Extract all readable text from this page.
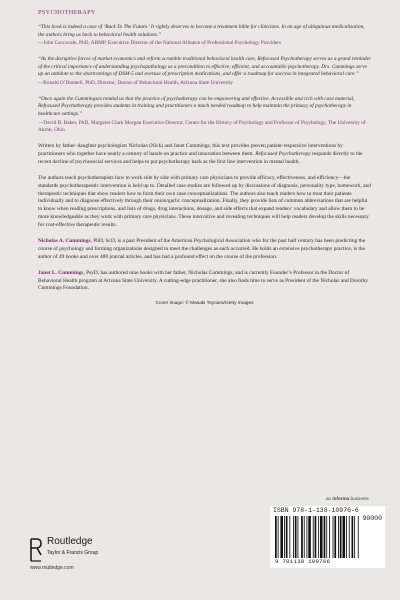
PSYCHOTHERAPY

“This book is indeed a case of ‘Back To The Future.’ It rightly deserves to become a treatment bible for clinicians. In an age of ubiquitous medicalization, the authors bring us back to behavioral health solutions.”

—John Caccavale, PhD, ABMP, Executive Director of the National Alliance of Professional Psychology Providers

“As the disruptive forces of market economics and reform scramble traditional behavioral health care, Refocused Psychotherapy serves as a grand reminder of the critical importance of understanding psychopathology as a precondition to effective, efficient, and accountable psychotherapy. Drs. Cummings serve up an antidote to the shortcomings of DSM-5 and overuse of prescription medications, and offer a roadmap for success in integrated behavioral care.”

—Ronald O’Donnell, PhD, Director, Doctor of Behavioral Health, Arizona State University

“Once again the Cummingses remind us that the practice of psychotherapy can be empowering and effective. Accessible and rich with case material, Refocused Psychotherapy provides students in training and practitioners a much needed roadmap to help maintain the primacy of psychotherapy in healthcare settings.”

—David B. Baker, PhD, Margaret Clark Morgan Executive Director, Center for the History of Psychology and Professor of Psychology, The University of Akron, Ohio

Written by father–daughter psychologists Nicholas (Nick) and Janet Cummings, this text provides proven patient-responsive interventions by practitioners who together have nearly a century of hands-on practice and innovation between them. Refocused Psychotherapy responds directly to the recent decline of psychosocial services and helps to put psychotherapy back as the first line intervention in mental health.

The authors teach psychotherapists how to work side by side with primary care physicians to provide efficacy, effectiveness, and efficiency—the standards psychotherapeutic intervention is held up to. Detailed case studies are followed up by discussions of diagnosis, personality type, homework, and therapeutic techniques that show readers how to form their own case conceptualizations. The authors also teach readers how to treat their patients individually and to diagnose effectively through their onion/garlic conceptualization. Finally, they provide lists of common abbreviations that are helpful to know when reading prescriptions, and lists of drugs, drug interactions, dosage, and side effects that expand readers’ vocabulary and allow them to be more knowledgeable as they work with primary care physicians. These innovative and revealing techniques will help readers develop the skills necessary for cost-effective therapeutic results.

Nicholas A. Cummings, PhD, ScD, is a past President of the American Psychological Association who for the past half century has been predicting the course of psychology and forming organizations designed to meet the challenges as each occurred. He holds an extensive psychotherapy practice, is the author of 49 books and over 400 journal articles, and has had a profound effect on the course of the profession.

Janet L. Cummings, PsyD, has authored nine books with her father, Nicholas Cummings, and is currently Founder’s Professor in the Doctor of Behavioral Health program at Arizona State University. A cutting-edge practitioner, she also finds time to serve as President of the Nicholas and Dorothy Cummings Foundation.

Cover image: © Masaki Toyoura/Getty Images

an informa business
ISBN 978-1-138-10976-6
90000
9 781138 109766
Routledge
Taylor & Francis Group
www.routledge.com
